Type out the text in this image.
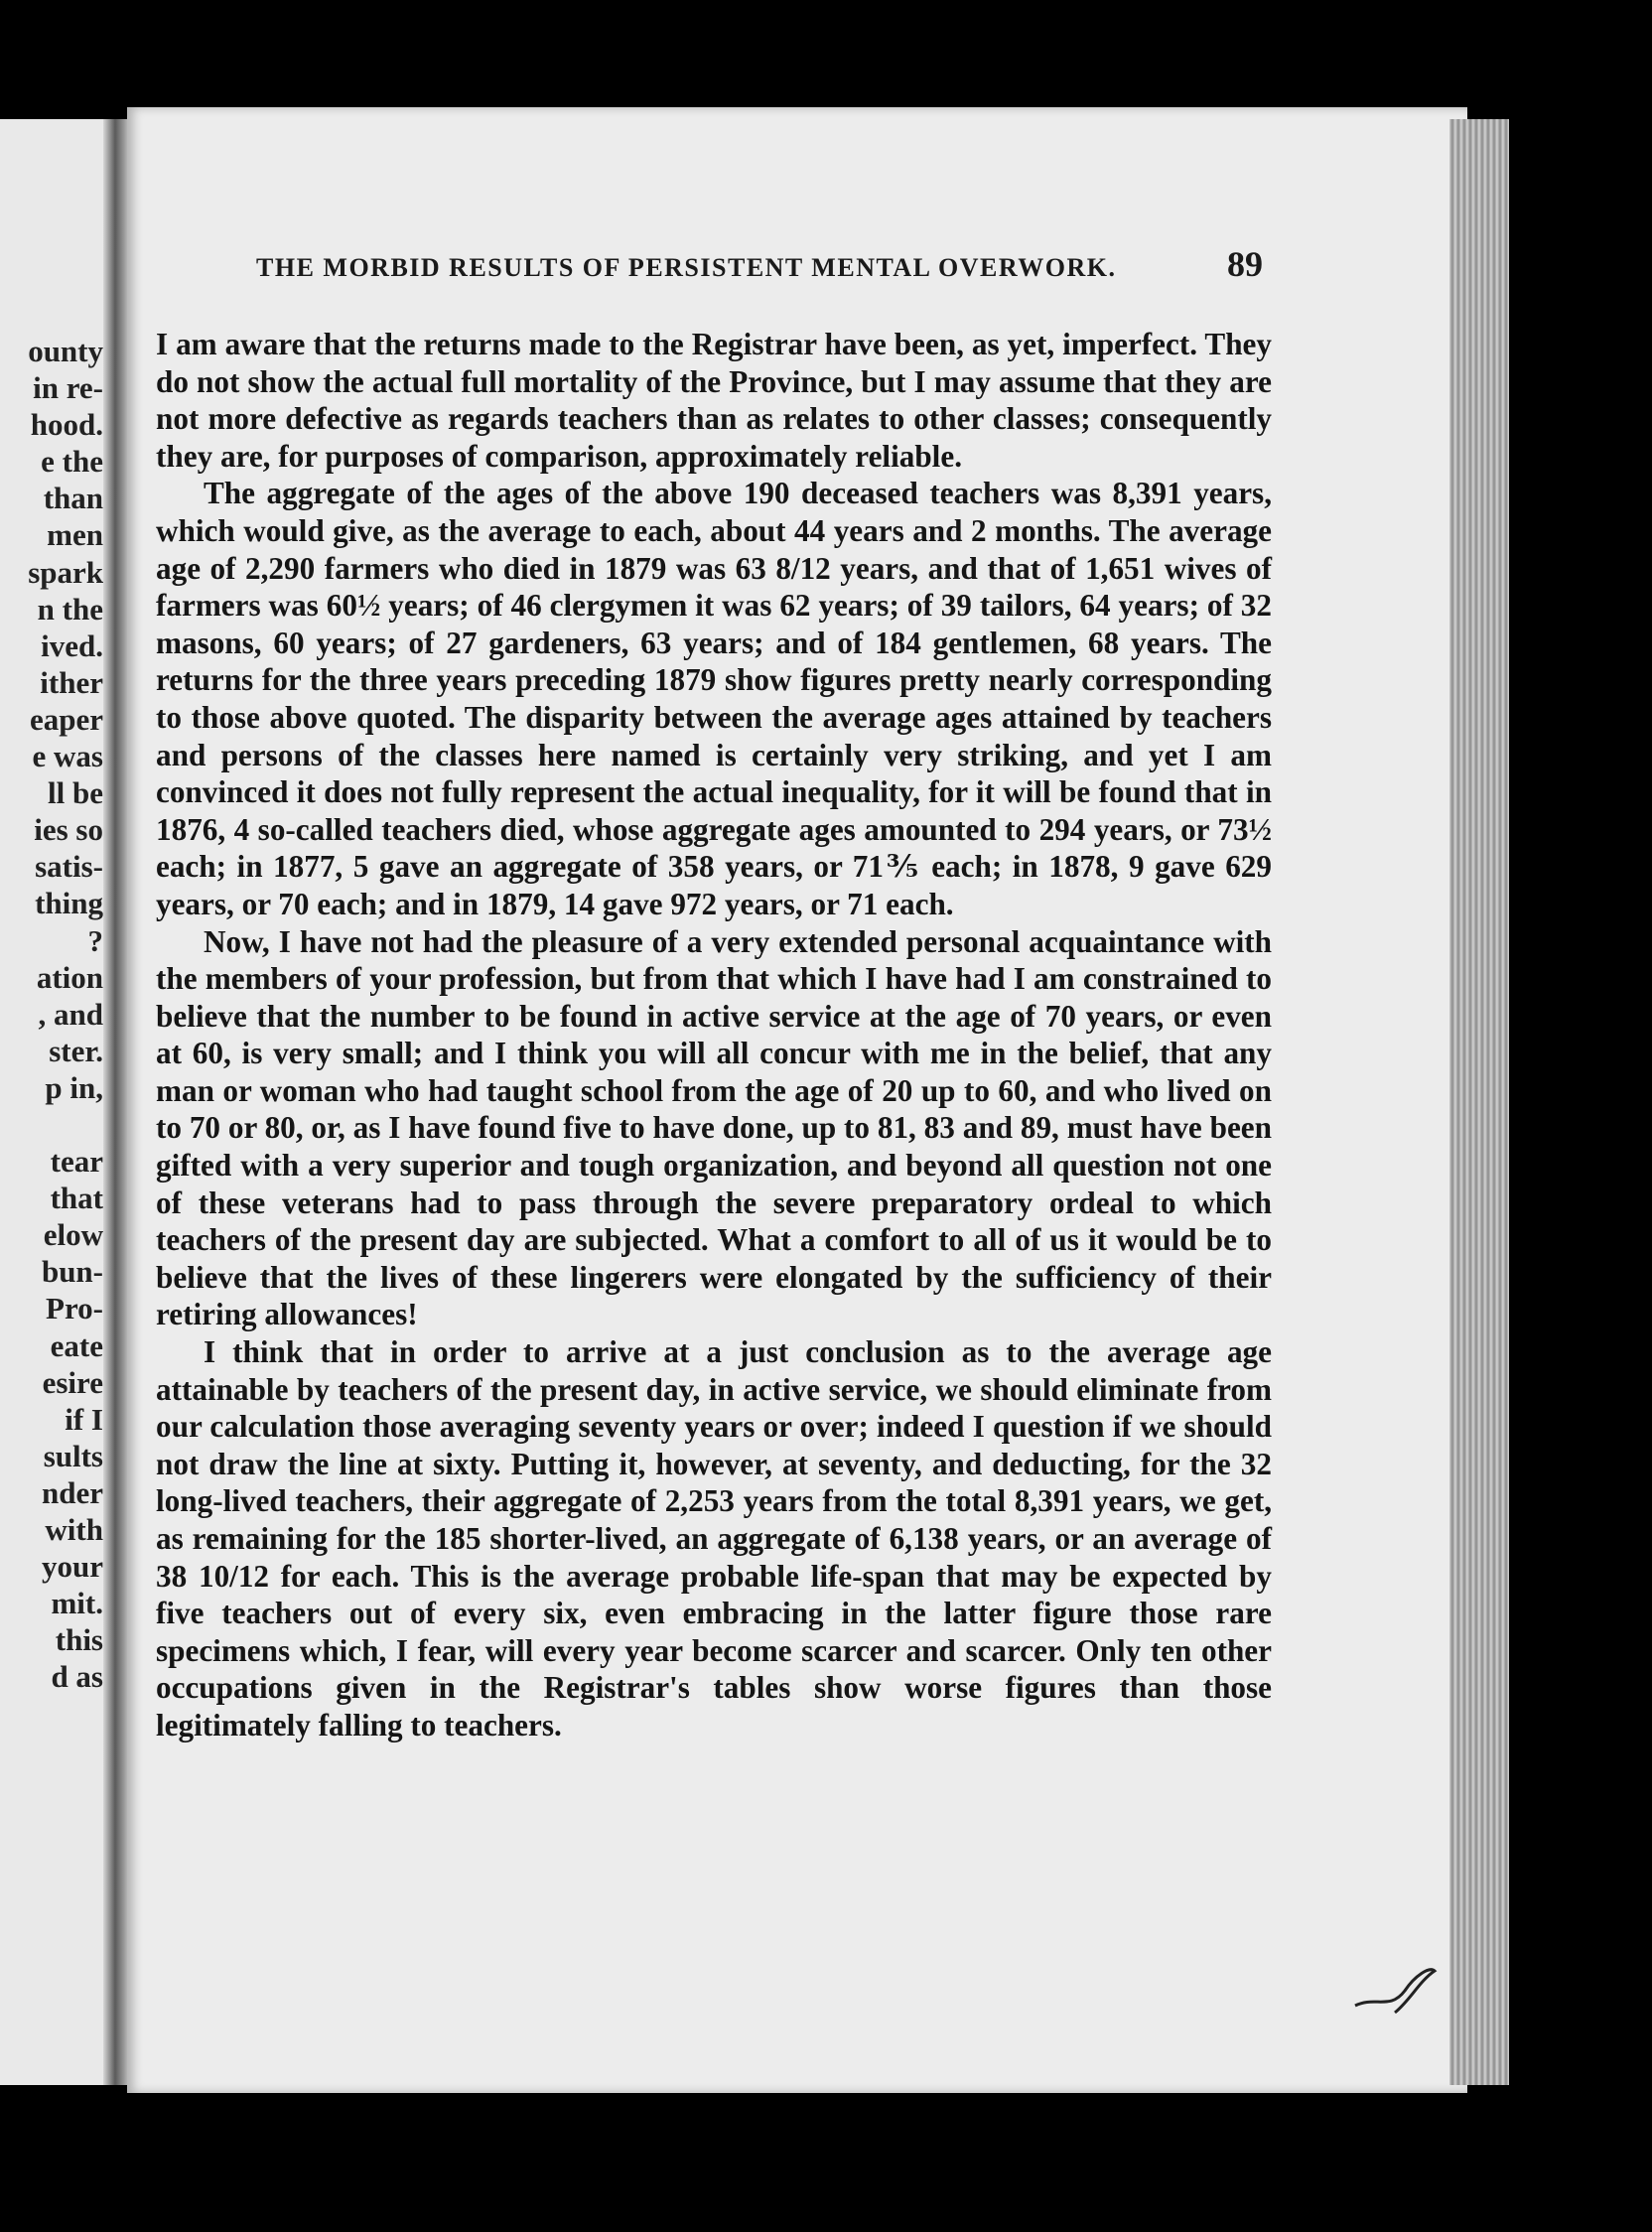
ounty
in re-
hood.
e the
than
men
spark
n the
ived.
ither
eaper
e was
ll be
ies so
satis-
thing
?
ation
, and
ster.
p in,

tear
that
elow
bun-
Pro-
eate
esire
if I
sults
nder
with
your
mit.
this
d as
THE MORBID RESULTS OF PERSISTENT MENTAL OVERWORK.	89

I am aware that the returns made to the Registrar have been, as yet, imperfect. They do not show the actual full mortality of the Province, but I may assume that they are not more defective as regards teachers than as relates to other classes; consequently they are, for purposes of comparison, approximately reliable.

The aggregate of the ages of the above 190 deceased teachers was 8,391 years, which would give, as the average to each, about 44 years and 2 months. The average age of 2,290 farmers who died in 1879 was 63 8/12 years, and that of 1,651 wives of farmers was 60½ years; of 46 clergymen it was 62 years; of 39 tailors, 64 years; of 32 masons, 60 years; of 27 gardeners, 63 years; and of 184 gentlemen, 68 years. The returns for the three years preceding 1879 show figures pretty nearly corresponding to those above quoted. The disparity between the average ages attained by teachers and persons of the classes here named is certainly very striking, and yet I am convinced it does not fully represent the actual inequality, for it will be found that in 1876, 4 so-called teachers died, whose aggregate ages amounted to 294 years, or 73½ each; in 1877, 5 gave an aggregate of 358 years, or 71⅗ each; in 1878, 9 gave 629 years, or 70 each; and in 1879, 14 gave 972 years, or 71 each.

Now, I have not had the pleasure of a very extended personal acquaintance with the members of your profession, but from that which I have had I am constrained to believe that the number to be found in active service at the age of 70 years, or even at 60, is very small; and I think you will all concur with me in the belief, that any man or woman who had taught school from the age of 20 up to 60, and who lived on to 70 or 80, or, as I have found five to have done, up to 81, 83 and 89, must have been gifted with a very superior and tough organization, and beyond all question not one of these veterans had to pass through the severe preparatory ordeal to which teachers of the present day are subjected. What a comfort to all of us it would be to believe that the lives of these lingerers were elongated by the sufficiency of their retiring allowances!

I think that in order to arrive at a just conclusion as to the average age attainable by teachers of the present day, in active service, we should eliminate from our calculation those averaging seventy years or over; indeed I question if we should not draw the line at sixty. Putting it, however, at seventy, and deducting, for the 32 long-lived teachers, their aggregate of 2,253 years from the total 8,391 years, we get, as remaining for the 185 shorter-lived, an aggregate of 6,138 years, or an average of 38 10/12 for each. This is the average probable life-span that may be expected by five teachers out of every six, even embracing in the latter figure those rare specimens which, I fear, will every year become scarcer and scarcer. Only ten other occupations given in the Registrar's tables show worse figures than those legitimately falling to teachers.
